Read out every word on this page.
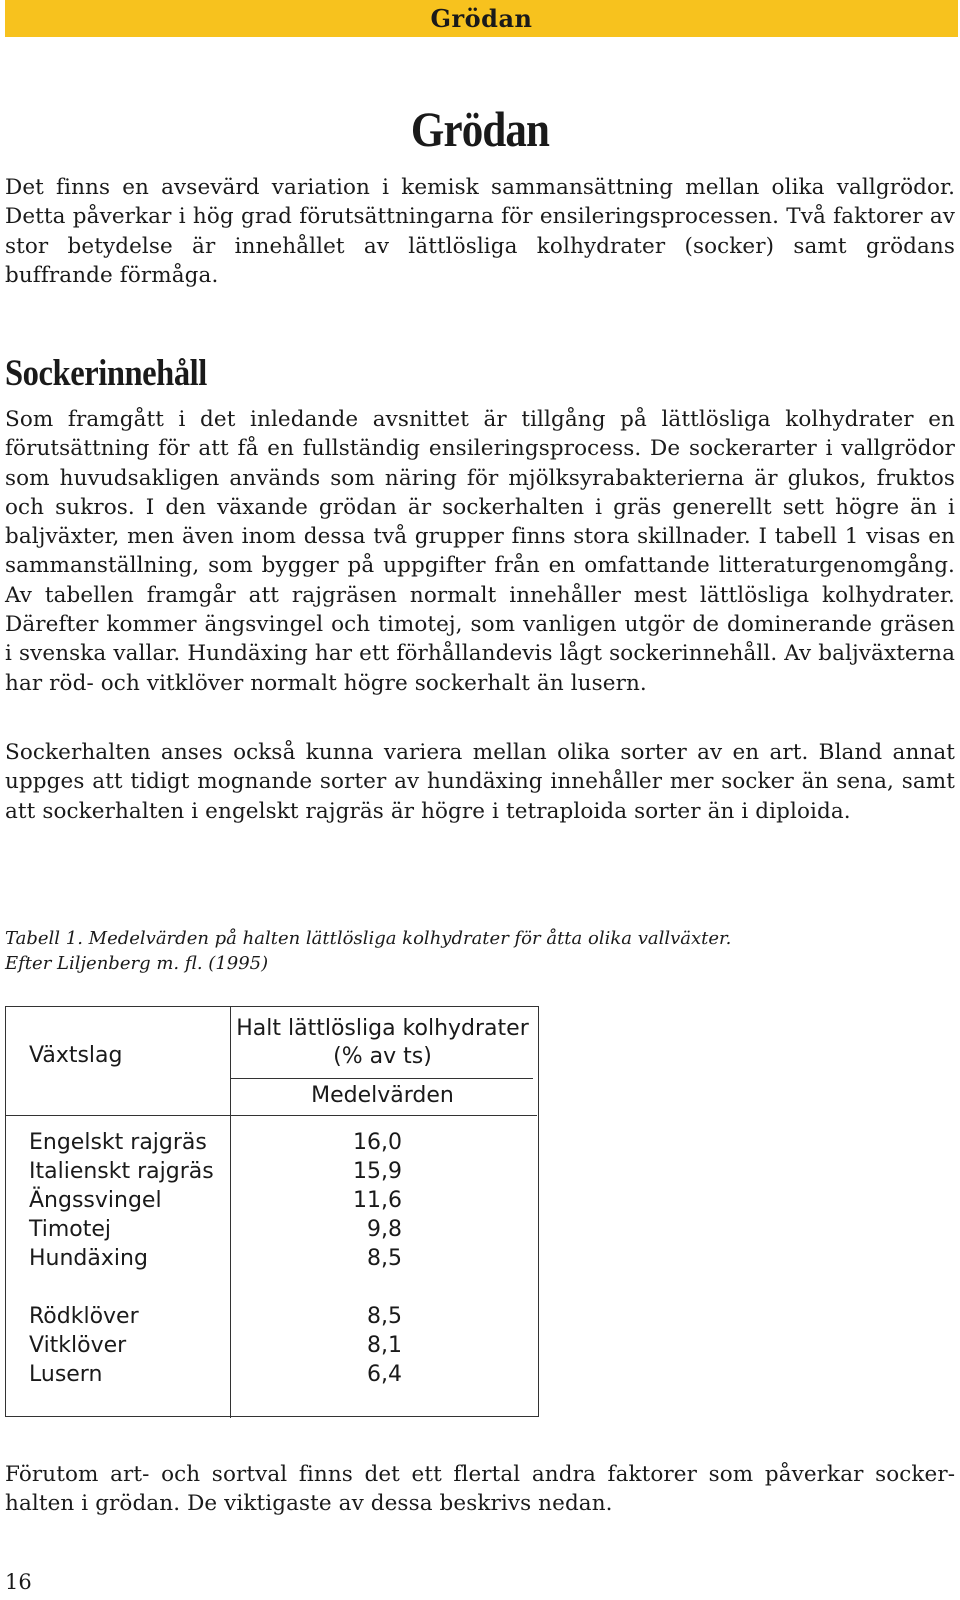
Grödan
Grödan

Det finns en avsevärd variation i kemisk sammansättning mellan olika vallgrödor. Detta påverkar i hög grad förutsättningarna för ensileringsprocessen. Två faktorer av stor betydelse är innehållet av lättlösliga kolhydrater (socker) samt grödans buffrande förmåga.

Sockerinnehåll

Som framgått i det inledande avsnittet är tillgång på lättlösliga kolhydrater en förutsättning för att få en fullständig ensileringsprocess. De sockerarter i vallgrödor som huvudsakligen används som näring för mjölksyrabakterierna är glukos, fruktos och sukros. I den växande grödan är sockerhalten i gräs generellt sett högre än i baljväxter, men även inom dessa två grupper finns stora skillnader. I tabell 1 visas en sammanställning, som bygger på uppgifter från en omfattande litteraturgenomgång. Av tabellen framgår att rajgräsen normalt innehåller mest lättlösliga kolhydrater. Därefter kommer ängsvingel och timotej, som vanligen utgör de dominerande gräsen i svenska vallar. Hundäxing har ett förhållandevis lågt sockerinnehåll. Av baljväxterna har röd- och vitklöver normalt högre sockerhalt än lusern.

Sockerhalten anses också kunna variera mellan olika sorter av en art. Bland annat uppges att tidigt mognande sorter av hundäxing innehåller mer socker än sena, samt att sockerhalten i engelskt rajgräs är högre i tetraploida sorter än i diploida.

Tabell 1. Medelvärden på halten lättlösliga kolhydrater för åtta olika vallväxter.
Efter Liljenberg m. fl. (1995)
Växtslag
Halt lättlösliga kolhydrater
(% av ts)
Medelvärden
Engelskt rajgräs	16,0
Italienskt rajgräs	15,9
Ängssvingel	11,6
Timotej	9,8
Hundäxing	8,5
Rödklöver	8,5
Vitklöver	8,1
Lusern	6,4

Förutom art- och sortval finns det ett flertal andra faktorer som påverkar sockerhalten i grödan. De viktigaste av dessa beskrivs nedan.

16
